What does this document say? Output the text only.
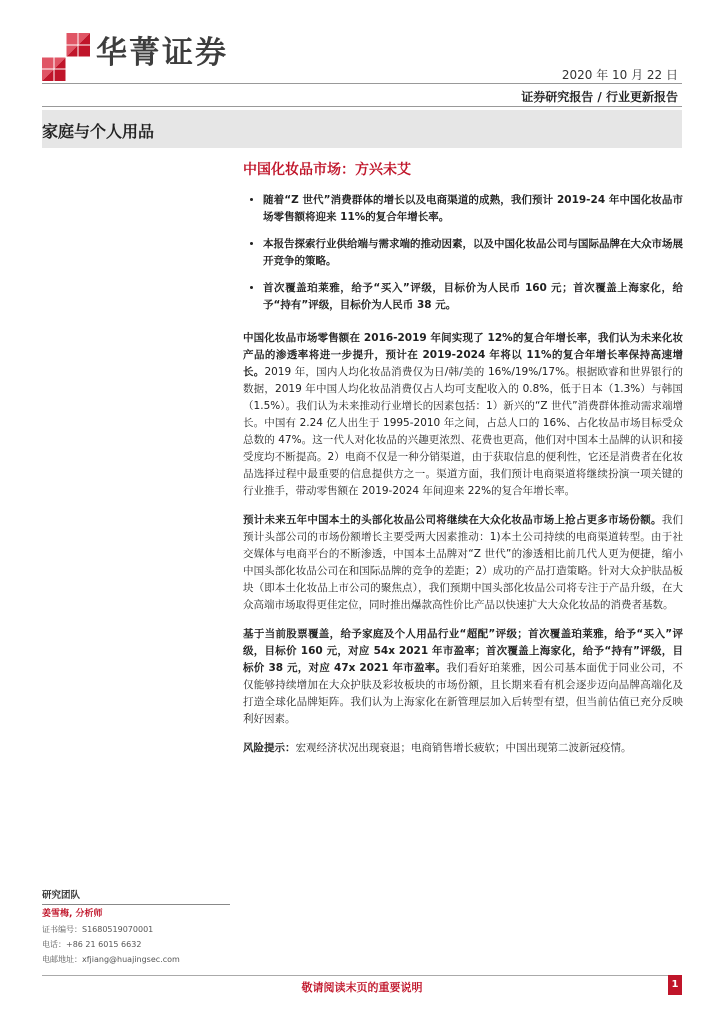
华菁证券
2020 年 10 月 22 日
证券研究报告 / 行业更新报告
家庭与个人用品
中国化妆品市场：方兴未艾
• 随着“Z 世代”消费群体的增长以及电商渠道的成熟，我们预计 2019-24 年中国化妆品市场零售额将迎来 11%的复合年增长率。
• 本报告探索行业供给端与需求端的推动因素，以及中国化妆品公司与国际品牌在大众市场展开竞争的策略。
• 首次覆盖珀莱雅，给予“买入”评级，目标价为人民币 160 元；首次覆盖上海家化，给予“持有”评级，目标价为人民币 38 元。

中国化妆品市场零售额在 2016-2019 年间实现了 12%的复合年增长率，我们认为未来化妆产品的渗透率将进一步提升，预计在 2019-2024 年将以 11%的复合年增长率保持高速增长。2019 年，国内人均化妆品消费仅为日/韩/美的 16%/19%/17%。根据欧睿和世界银行的数据，2019 年中国人均化妆品消费仅占人均可支配收入的 0.8%，低于日本（1.3%）与韩国（1.5%）。我们认为未来推动行业增长的因素包括：1）新兴的“Z 世代”消费群体推动需求端增长。中国有 2.24 亿人出生于 1995-2010 年之间，占总人口的 16%、占化妆品市场目标受众总数的 47%。这一代人对化妆品的兴趣更浓烈、花费也更高，他们对中国本土品牌的认识和接受度均不断提高。2）电商不仅是一种分销渠道，由于获取信息的便利性，它还是消费者在化妆品选择过程中最重要的信息提供方之一。渠道方面，我们预计电商渠道将继续扮演一项关键的行业推手，带动零售额在 2019-2024 年间迎来 22%的复合年增长率。

预计未来五年中国本土的头部化妆品公司将继续在大众化妆品市场上抢占更多市场份额。我们预计头部公司的市场份额增长主要受两大因素推动：1)本土公司持续的电商渠道转型。由于社交媒体与电商平台的不断渗透，中国本土品牌对“Z 世代”的渗透相比前几代人更为便捷，缩小中国头部化妆品公司在和国际品牌的竞争的差距；2）成功的产品打造策略。针对大众护肤品板块（即本土化妆品上市公司的聚焦点），我们预期中国头部化妆品公司将专注于产品升级，在大众高端市场取得更佳定位，同时推出爆款高性价比产品以快速扩大大众化妆品的消费者基数。

基于当前股票覆盖，给予家庭及个人用品行业“超配”评级；首次覆盖珀莱雅，给予“买入”评级，目标价 160 元，对应 54x 2021 年市盈率；首次覆盖上海家化，给予“持有”评级，目标价 38 元，对应 47x 2021 年市盈率。我们看好珀莱雅，因公司基本面优于同业公司，不仅能够持续增加在大众护肤及彩妆板块的市场份额，且长期来看有机会逐步迈向品牌高端化及打造全球化品牌矩阵。我们认为上海家化在新管理层加入后转型有望，但当前估值已充分反映利好因素。

风险提示：宏观经济状况出现衰退；电商销售增长疲软；中国出现第二波新冠疫情。

研究团队
姜雪梅, 分析师
证书编号：S1680519070001
电话：+86 21 6015 6632
电邮地址：xfjiang@huajingsec.com
敬请阅读末页的重要说明	1
